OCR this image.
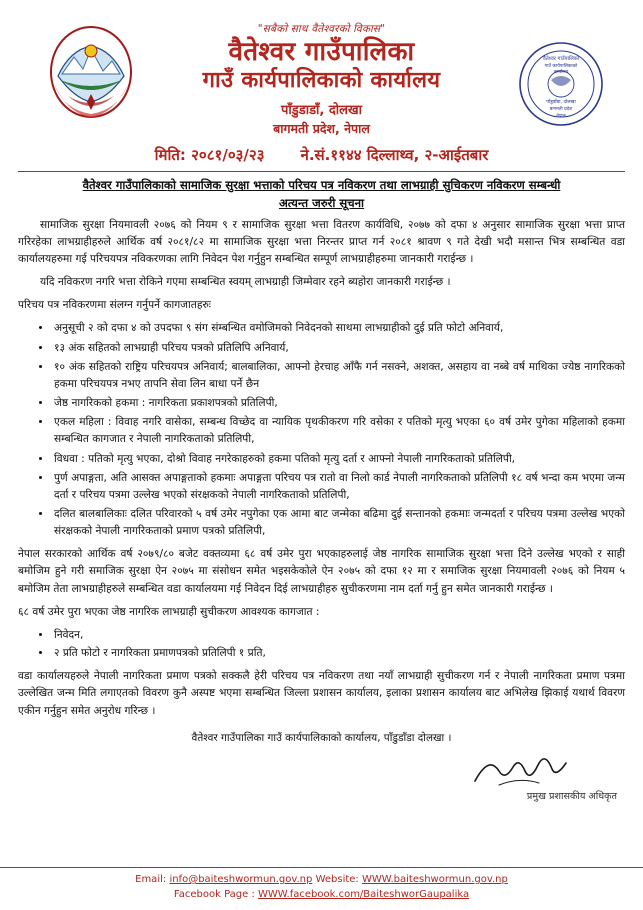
वैतेश्वर गाउँपालिका
गाउँ कार्यपालिकाको
कार्यालय
पाँडुडाँडा, दोलखा
बागमती प्रदेश
नेपाल
"सबैको साथ वैतेश्वरको विकास"
वैतेश्वर गाउँपालिका
गाउँ कार्यपालिकाको कार्यालय
पाँडुडाडाँ, दोलखा
बागमती प्रदेश, नेपाल
मिति: २०८१/०३/२३ ने.सं.११४४ दिल्लाथ्व, २-आईतबार
वैतेश्वर गाउँपालिकाको सामाजिक सुरक्षा भत्ताको परिचय पत्र नविकरण तथा लाभग्राही सुचिकरण नविकरण सम्बन्धी
अत्यन्त जरुरी सूचना

सामाजिक सुरक्षा नियमावली २०७६ को नियम ९ र सामाजिक सुरक्षा भत्ता वितरण कार्यविधि, २०७७ को दफा ४ अनुसार सामाजिक सुरक्षा भत्ता प्राप्त गरिरहेका लाभग्राहीहरुले आर्थिक वर्ष २०८१/८२ मा सामाजिक सुरक्षा भत्ता निरन्तर प्राप्त गर्न २०८१ श्रावण ९ गते देखी भदौ मसान्त भित्र सम्बन्धित वडा कार्यालयहरुमा गई परिचयपत्र नविकरणका लागि निवेदन पेश गर्नुहुन सम्बन्धित सम्पूर्ण लाभग्राहीहरुमा जानकारी गराईन्छ ।

यदि नविकरण नगरि भत्ता रोकिने गएमा सम्बन्धित स्वयम् लाभग्राही जिम्मेवार रहने ब्यहोरा जानकारी गराईन्छ ।

परिचय पत्र नविकरणमा संलग्न गर्नुपर्ने कागजातहरुः

• अनुसूची २ को दफा ४ को उपदफा ९ संग संम्बन्धित वमोजिमको निवेदनको साथमा लाभग्राहीको दुई प्रति फोटो अनिवार्य,
• १३ अंक सहितको लाभग्राही परिचय पत्रको प्रतिलिपि अनिवार्य,
• १० अंक सहितको राष्ट्रिय परिचयपत्र अनिवार्य; बालबालिका, आफ्नो हेरचाह आँफै गर्न नसक्ने, अशक्त, असहाय वा नब्बे वर्ष माथिका ज्येष्ठ नागरिकको हकमा परिचयपत्र नभए तापनि सेवा लिन बाधा पर्ने छैन
• जेष्ठ नागरिकको हकमा : नागरिकता प्रकाशपत्रको प्रतिलिपी,
• एकल महिला : विवाह नगरि वासेका, सम्बन्ध विच्छेद वा न्यायिक पृथकीकरण गरि वसेका र पतिको मृत्यु भएका ६० वर्ष उमेर पुगेका महिलाको हकमा सम्बन्धित कागजात र नेपाली नागरिकताको प्रतिलिपी,
• विधवा : पतिको मृत्यु भएका, दोश्रो विवाह नगरेकाहरुको हकमा पतिको मृत्यु दर्ता र आफ्नो नेपाली नागरिकताको प्रतिलिपी,
• पुर्ण अपाङ्गता, अति आसक्त अपाङ्गताको हकमाः अपाङ्गता परिचय पत्र रातो वा निलो कार्ड नेपाली नागरिकताको प्रतिलिपी १८ वर्ष भन्दा कम भएमा जन्म दर्ता र परिचय पत्रमा उल्लेख भएको संरक्षकको नेपाली नागरिकताको प्रतिलिपी,
• दलित बालबालिकाः दलित परिवारको ५ वर्ष उमेर नपुगेका एक आमा बाट जन्मेका बढिमा दुई सन्तानको हकमाः जन्मदर्ता र परिचय पत्रमा उल्लेख भएको संरक्षकको नेपाली नागरिकताको प्रमाण पत्रको प्रतिलिपी,

नेपाल सरकारको आर्थिक वर्ष २०७९/८० बजेट वक्तव्यमा ६८ वर्ष उमेर पुरा भएकाहरुलाई जेष्ठ नागरिक सामाजिक सुरक्षा भत्ता दिने उल्लेख भएको र साही बमोजिम हुने गरी समाजिक सुरक्षा ऐन २०७५ मा संसोधन समेत भइसकेकोले ऐन २०७५ को दफा १२ मा र समाजिक सुरक्षा नियमावली २०७६ को नियम ५ बमोजिम तेता लाभग्राहीहरुले सम्बन्धित वडा कार्यालयमा गई निवेदन दिई लाभग्राहीहरु सुचीकरणमा नाम दर्ता गर्नु हुन समेत जानकारी गराईन्छ ।

६८ वर्ष उमेर पुरा भएका जेष्ठ नागरिक लाभग्राही सुचीकरण आवश्यक कागजात :

• निवेदन,
• २ प्रति फोटो र नागरिकता प्रमाणपत्रको प्रतिलिपी १ प्रति,

वडा कार्यालयहरुले नेपाली नागरिकता प्रमाण पत्रको सक्कलै हेरी परिचय पत्र नविकरण तथा नयाँ लाभग्राही सुचीकरण गर्न र नेपाली नागरिकता प्रमाण पत्रमा उल्लेखित जन्म मिति लगाएतको विवरण कुनै अस्पष्ट भएमा सम्बन्धित जिल्ला प्रशासन कार्यालय, इलाका प्रशासन कार्यालय बाट अभिलेख झिकाई यथार्थ विवरण एकीन गर्नुहुन समेत अनुरोध गरिन्छ ।

वैतेश्वर गाउँपालिका गाउँ कार्यपालिकाको कार्यालय, पाँडुडाँडा दोलखा ।
प्रमुख प्रशासकीय अधिकृत
Email: info@baiteshwormun.gov.np Website: WWW.baiteshwormun.gov.np
Facebook Page : WWW.facebook.com/BaiteshworGaupalika
